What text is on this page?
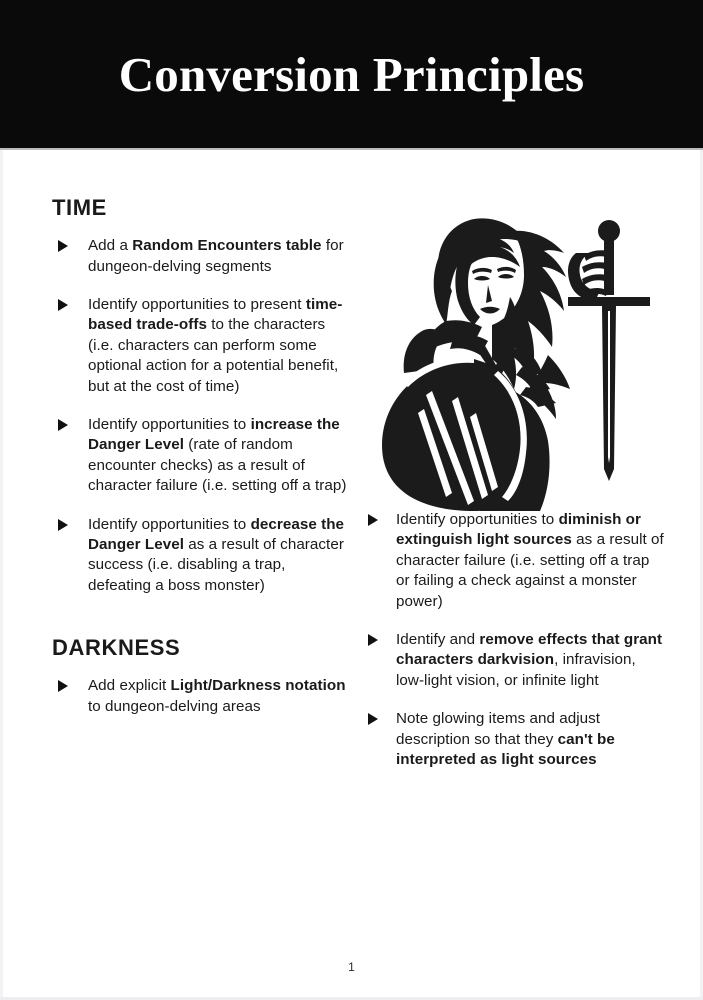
Conversion Principles
TIME
Add a Random Encounters table for dungeon-delving segments
Identify opportunities to present time-based trade-offs to the characters (i.e. characters can perform some optional action for a potential benefit, but at the cost of time)
Identify opportunities to increase the Danger Level (rate of random encounter checks) as a result of character failure (i.e. setting off a trap)
Identify opportunities to decrease the Danger Level as a result of character success (i.e. disabling a trap, defeating a boss monster)
DARKNESS
Add explicit Light/Darkness notation to dungeon-delving areas
Identify opportunities to diminish or extinguish light sources as a result of character failure (i.e. setting off a trap or failing a check against a monster power)
Identify and remove effects that grant characters darkvision, infravision, low-light vision, or infinite light
Note glowing items and adjust description so that they can't be interpreted as light sources
1
